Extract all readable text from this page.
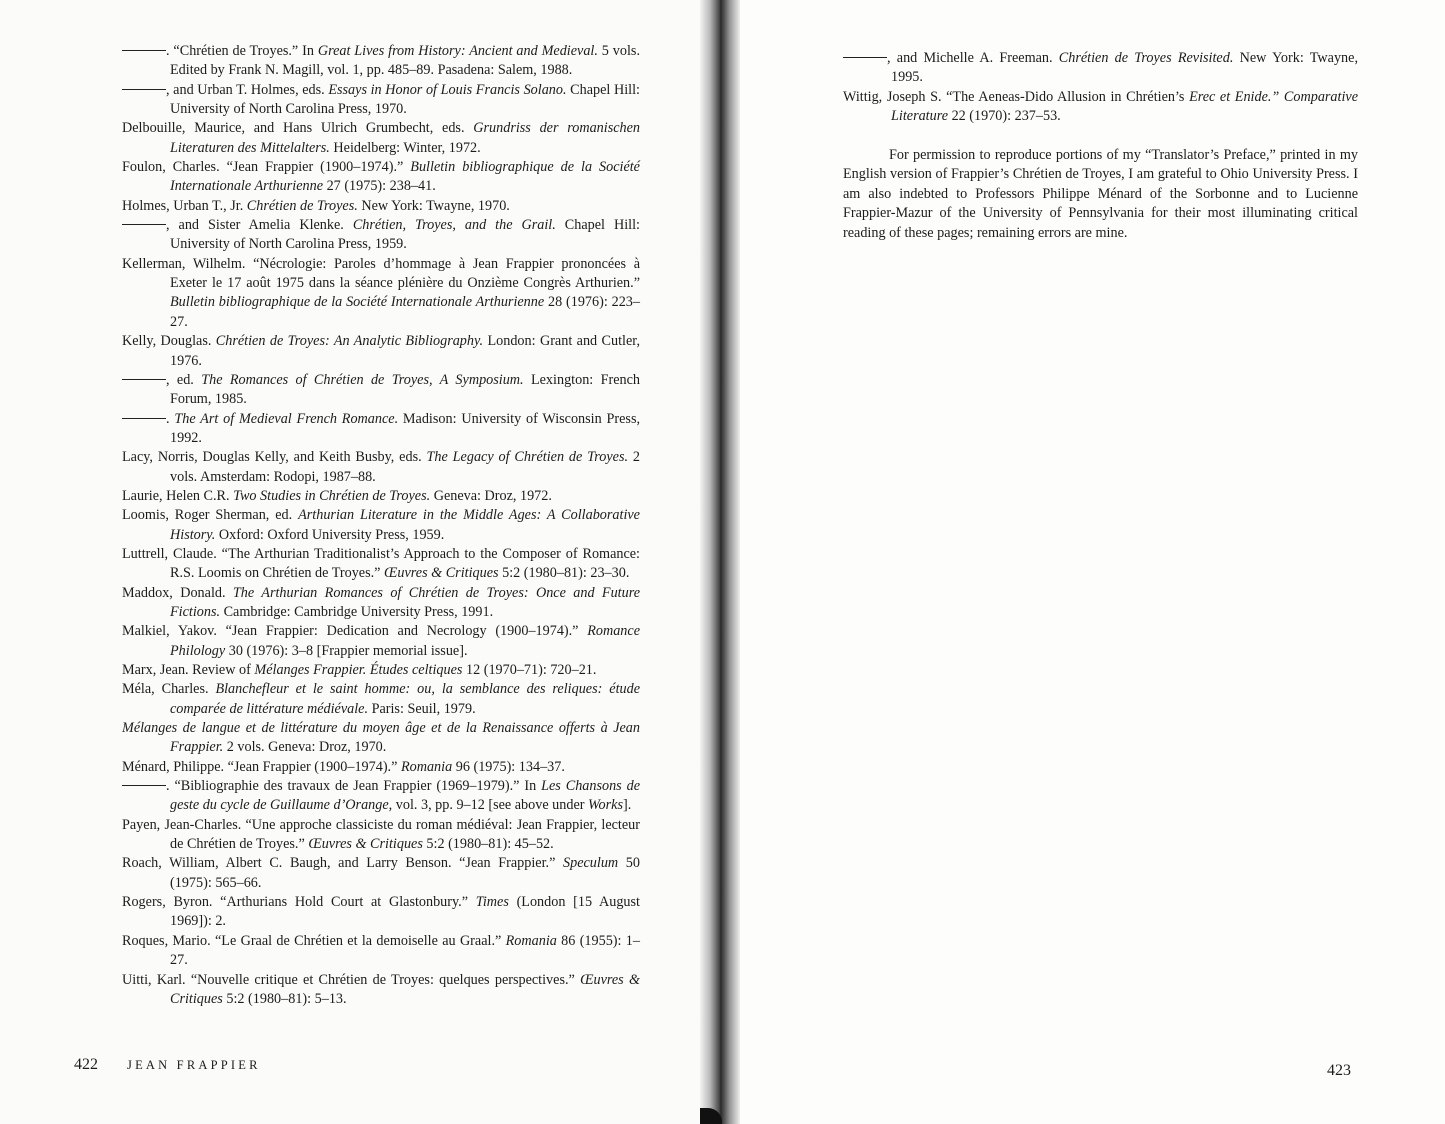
. “Chrétien de Troyes.” In Great Lives from History: Ancient and Medieval. 5 vols. Edited by Frank N. Magill, vol. 1, pp. 485–89. Pasadena: Salem, 1988.
, and Urban T. Holmes, eds. Essays in Honor of Louis Francis Solano. Chapel Hill: University of North Carolina Press, 1970.
Delbouille, Maurice, and Hans Ulrich Grumbecht, eds. Grundriss der romanischen Literaturen des Mittelalters. Heidelberg: Winter, 1972.
Foulon, Charles. “Jean Frappier (1900–1974).” Bulletin bibliographique de la Société Internationale Arthurienne 27 (1975): 238–41.
Holmes, Urban T., Jr. Chrétien de Troyes. New York: Twayne, 1970.
, and Sister Amelia Klenke. Chrétien, Troyes, and the Grail. Chapel Hill: University of North Carolina Press, 1959.
Kellerman, Wilhelm. “Nécrologie: Paroles d’hommage à Jean Frappier prononcées à Exeter le 17 août 1975 dans la séance plénière du Onzième Congrès Arthurien.” Bulletin bibliographique de la Société Internationale Arthurienne 28 (1976): 223–27.
Kelly, Douglas. Chrétien de Troyes: An Analytic Bibliography. London: Grant and Cutler, 1976.
, ed. The Romances of Chrétien de Troyes, A Symposium. Lexington: French Forum, 1985.
. The Art of Medieval French Romance. Madison: University of Wisconsin Press, 1992.
Lacy, Norris, Douglas Kelly, and Keith Busby, eds. The Legacy of Chrétien de Troyes. 2 vols. Amsterdam: Rodopi, 1987–88.
Laurie, Helen C.R. Two Studies in Chrétien de Troyes. Geneva: Droz, 1972.
Loomis, Roger Sherman, ed. Arthurian Literature in the Middle Ages: A Collaborative History. Oxford: Oxford University Press, 1959.
Luttrell, Claude. “The Arthurian Traditionalist’s Approach to the Composer of Romance: R.S. Loomis on Chrétien de Troyes.” Œuvres & Critiques 5:2 (1980–81): 23–30.
Maddox, Donald. The Arthurian Romances of Chrétien de Troyes: Once and Future Fictions. Cambridge: Cambridge University Press, 1991.
Malkiel, Yakov. “Jean Frappier: Dedication and Necrology (1900–1974).” Romance Philology 30 (1976): 3–8 [Frappier memorial issue].
Marx, Jean. Review of Mélanges Frappier. Études celtiques 12 (1970–71): 720–21.
Méla, Charles. Blanchefleur et le saint homme: ou, la semblance des reliques: étude comparée de littérature médiévale. Paris: Seuil, 1979.
Mélanges de langue et de littérature du moyen âge et de la Renaissance offerts à Jean Frappier. 2 vols. Geneva: Droz, 1970.
Ménard, Philippe. “Jean Frappier (1900–1974).” Romania 96 (1975): 134–37.
. “Bibliographie des travaux de Jean Frappier (1969–1979).” In Les Chansons de geste du cycle de Guillaume d’Orange, vol. 3, pp. 9–12 [see above under Works].
Payen, Jean-Charles. “Une approche classiciste du roman médiéval: Jean Frappier, lecteur de Chrétien de Troyes.” Œuvres & Critiques 5:2 (1980–81): 45–52.
Roach, William, Albert C. Baugh, and Larry Benson. “Jean Frappier.” Speculum 50 (1975): 565–66.
Rogers, Byron. “Arthurians Hold Court at Glastonbury.” Times (London [15 August 1969]): 2.
Roques, Mario. “Le Graal de Chrétien et la demoiselle au Graal.” Romania 86 (1955): 1–27.
Uitti, Karl. “Nouvelle critique et Chrétien de Troyes: quelques perspectives.” Œuvres & Critiques 5:2 (1980–81): 5–13.
, and Michelle A. Freeman. Chrétien de Troyes Revisited. New York: Twayne, 1995.
Wittig, Joseph S. “The Aeneas-Dido Allusion in Chrétien’s Erec et Enide.” Comparative Literature 22 (1970): 237–53.
For permission to reproduce portions of my “Translator’s Preface,” printed in my English version of Frappier’s Chrétien de Troyes, I am grateful to Ohio University Press. I am also indebted to Professors Philippe Ménard of the Sorbonne and to Lucienne Frappier-Mazur of the University of Pennsylvania for their most illuminating critical reading of these pages; remaining errors are mine.
422 JEAN FRAPPIER	423
